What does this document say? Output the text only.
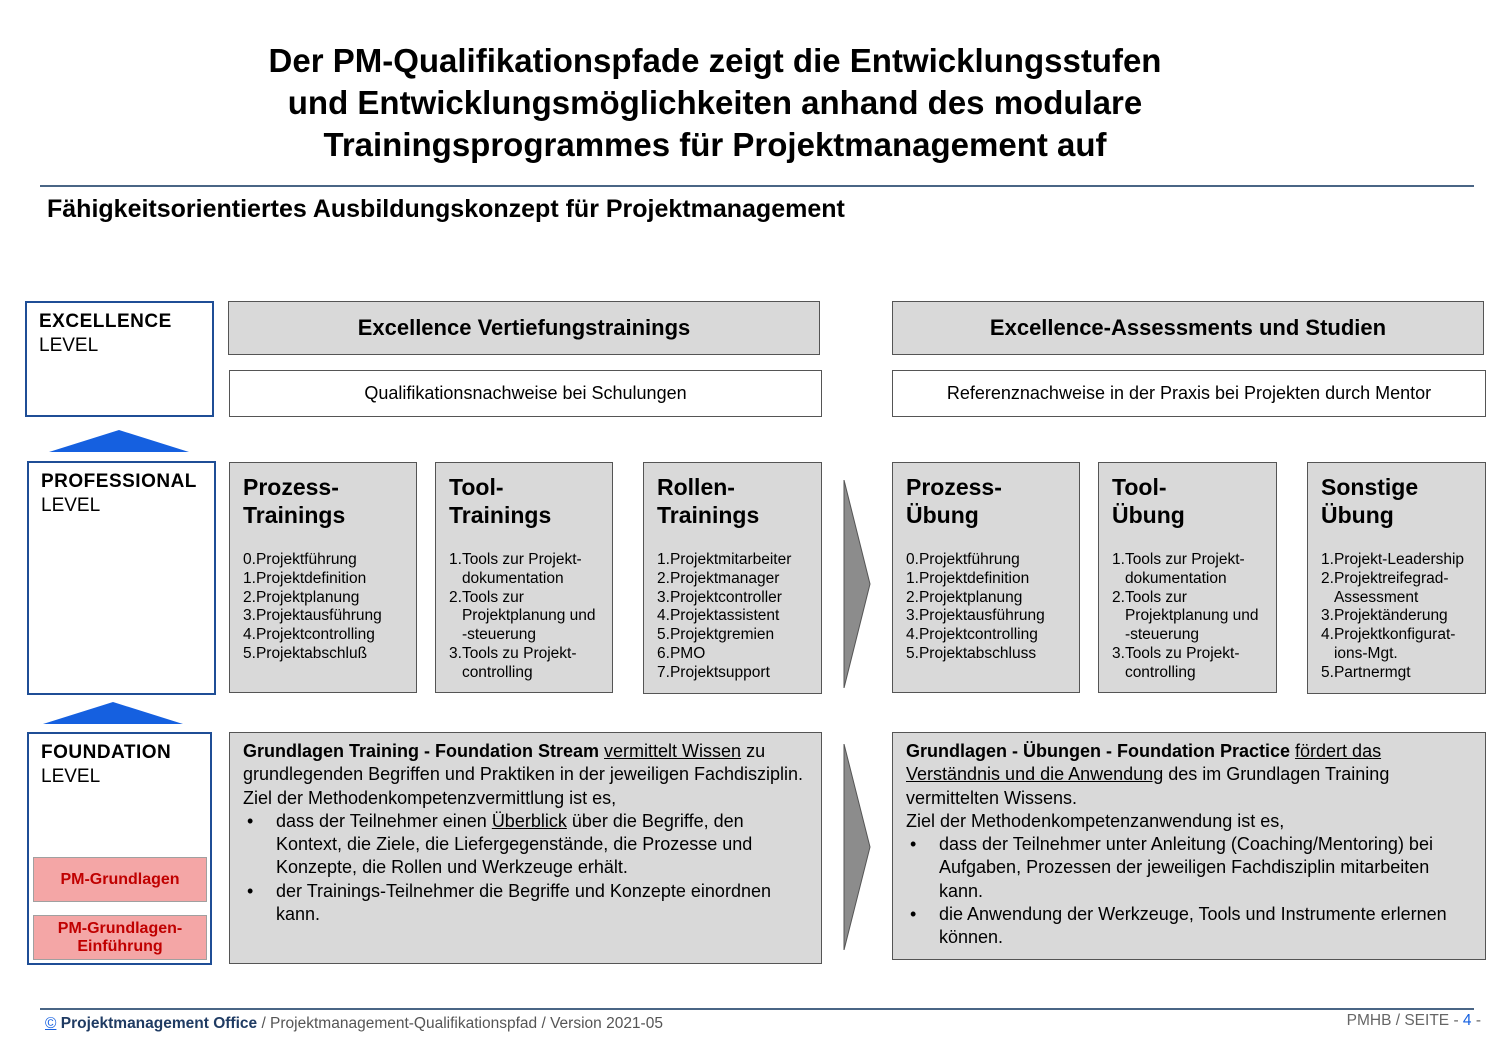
Der PM-Qualifikationspfade zeigt die Entwicklungsstufen
und Entwicklungsmöglichkeiten anhand des modulare
Trainingsprogrammes für Projektmanagement auf
Fähigkeitsorientiertes Ausbildungskonzept für Projektmanagement
EXCELLENCE
LEVEL
PROFESSIONAL
LEVEL
FOUNDATION
LEVEL
PM-Grundlagen
PM-Grundlagen-Einführung
Excellence Vertiefungstrainings
Qualifikationsnachweise bei Schulungen
Excellence-Assessments und Studien
Referenznachweise in der Praxis bei Projekten durch Mentor
Prozess-
Trainings
0. Projektführung
1. Projektdefinition
2. Projektplanung
3. Projektausführung
4. Projektcontrolling
5. Projektabschluß
Tool-
Trainings
1. Tools zur Projekt-dokumentation
2. Tools zur Projektplanung und -steuerung
3. Tools zu Projekt-controlling
Rollen-
Trainings
1. Projektmitarbeiter
2. Projektmanager
3. Projektcontroller
4. Projektassistent
5. Projektgremien
6. PMO
7. Projektsupport
Prozess-
Übung
0. Projektführung
1. Projektdefinition
2. Projektplanung
3. Projektausführung
4. Projektcontrolling
5. Projektabschluss
Tool-
Übung
1. Tools zur Projekt-dokumentation
2. Tools zur Projektplanung und -steuerung
3. Tools zu Projekt-controlling
Sonstige
Übung
1. Projekt-Leadership
2. Projektreifegrad-Assessment
3. Projektänderung
4. Projektkonfigurat-ions-Mgt.
5. Partnermgt
Grundlagen Training - Foundation Stream vermittelt Wissen zu grundlegenden Begriffen und Praktiken in der jeweiligen Fachdisziplin.
Ziel der Methodenkompetenzvermittlung ist es,
•	dass der Teilnehmer einen Überblick über die Begriffe, den Kontext, die Ziele, die Liefergegenstände, die Prozesse und Konzepte, die Rollen und Werkzeuge erhält.
•	der Trainings-Teilnehmer die Begriffe und Konzepte einordnen kann.
Grundlagen - Übungen - Foundation Practice fördert das Verständnis und die Anwendung des im Grundlagen Training vermittelten Wissens.
Ziel der Methodenkompetenzanwendung ist es,
•	dass der Teilnehmer unter Anleitung (Coaching/Mentoring) bei Aufgaben, Prozessen der jeweiligen Fachdisziplin mitarbeiten kann.
•	die Anwendung der Werkzeuge, Tools und Instrumente erlernen können.
© Projektmanagement Office / Projektmanagement-Qualifikationspfad / Version 2021-05	PMHB / SEITE - 4 -
